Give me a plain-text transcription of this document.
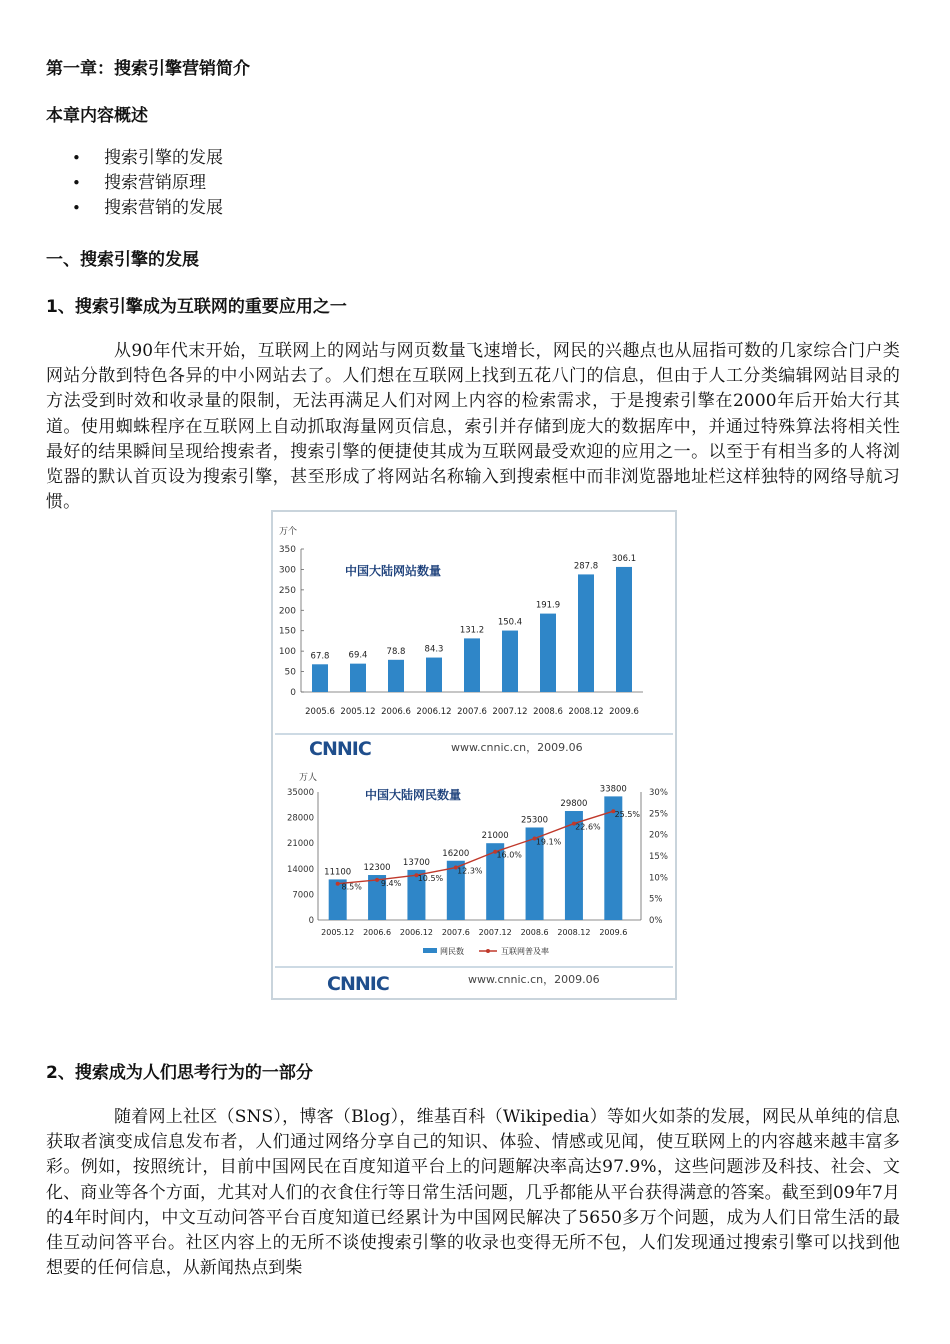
第一章：搜索引擎营销简介
本章内容概述
• 搜索引擎的发展
• 搜索营销原理
• 搜索营销的发展
一、搜索引擎的发展
1、搜索引擎成为互联网的重要应用之一

从90年代末开始，互联网上的网站与网页数量飞速增长，网民的兴趣点也从屈指可数的几家综合门户类网站分散到特色各异的中小网站去了。人们想在互联网上找到五花八门的信息，但由于人工分类编辑网站目录的方法受到时效和收录量的限制，无法再满足人们对网上内容的检索需求，于是搜索引擎在2000年后开始大行其道。使用蜘蛛程序在互联网上自动抓取海量网页信息，索引并存储到庞大的数据库中，并通过特殊算法将相关性最好的结果瞬间呈现给搜索者，搜索引擎的便捷使其成为互联网最受欢迎的应用之一。以至于有相当多的人将浏览器的默认首页设为搜索引擎，甚至形成了将网站名称输入到搜索框中而非浏览器地址栏这样独特的网络导航习惯。

万个
中国大陆网站数量
350
300
250
200
150
100
50
0
67.8
2005.6
69.4
2005.12
78.8
2006.6
84.3
2006.12
131.2
2007.6
150.4
2007.12
191.9
2008.6
287.8
2008.12
306.1
2009.6
CNNIC	www.cnnic.cn，2009.06
万人
中国大陆网民数量
35000
28000
21000
14000
7000
0
30%
25%
20%
15%
10%
5%
0%
11100
2005.12
12300
2006.6
13700
2006.12
16200
2007.6
21000
2007.12
25300
2008.6
29800
2008.12
33800
2009.6
8.5% 9.4%
10.5%
12.3%
16.0%
19.1%
22.6%
25.5%
网民数	互联网普及率
CNNIC	www.cnnic.cn，2009.06
2、搜索成为人们思考行为的一部分

随着网上社区（SNS），博客（Blog），维基百科（Wikipedia）等如火如荼的发展，网民从单纯的信息获取者演变成信息发布者，人们通过网络分享自己的知识、体验、情感或见闻，使互联网上的内容越来越丰富多彩。例如，按照统计，目前中国网民在百度知道平台上的问题解决率高达97.9%，这些问题涉及科技、社会、文化、商业等各个方面，尤其对人们的衣食住行等日常生活问题，几乎都能从平台获得满意的答案。截至到09年7月的4年时间内，中文互动问答平台百度知道已经累计为中国网民解决了5650多万个问题，成为人们日常生活的最佳互动问答平台。社区内容上的无所不谈使搜索引擎的收录也变得无所不包，人们发现通过搜索引擎可以找到他想要的任何信息，从新闻热点到柴
